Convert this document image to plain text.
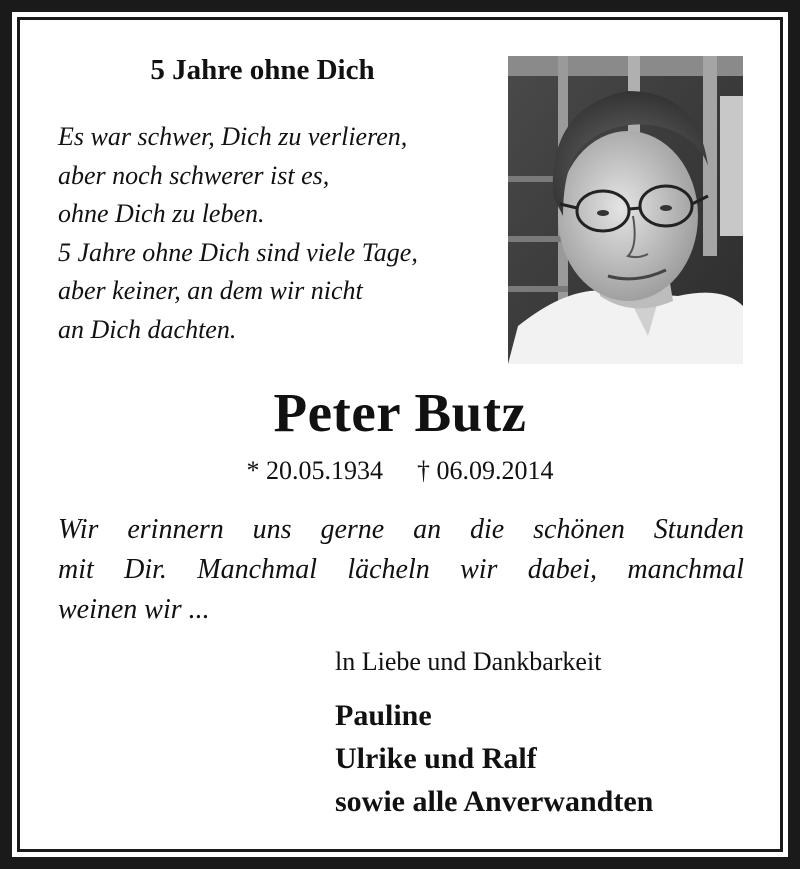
5 Jahre ohne Dich
Es war schwer, Dich zu verlieren,
aber noch schwerer ist es,
ohne Dich zu leben.
5 Jahre ohne Dich sind viele Tage,
aber keiner, an dem wir nicht
an Dich dachten.
Peter Butz
* 20.05.1934 † 06.09.2014
Wir erinnern uns gerne an die schönen Stunden
mit Dir. Manchmal lächeln wir dabei, manchmal
weinen wir ...
ln Liebe und Dankbarkeit
Pauline
Ulrike und Ralf
sowie alle Anverwandten
